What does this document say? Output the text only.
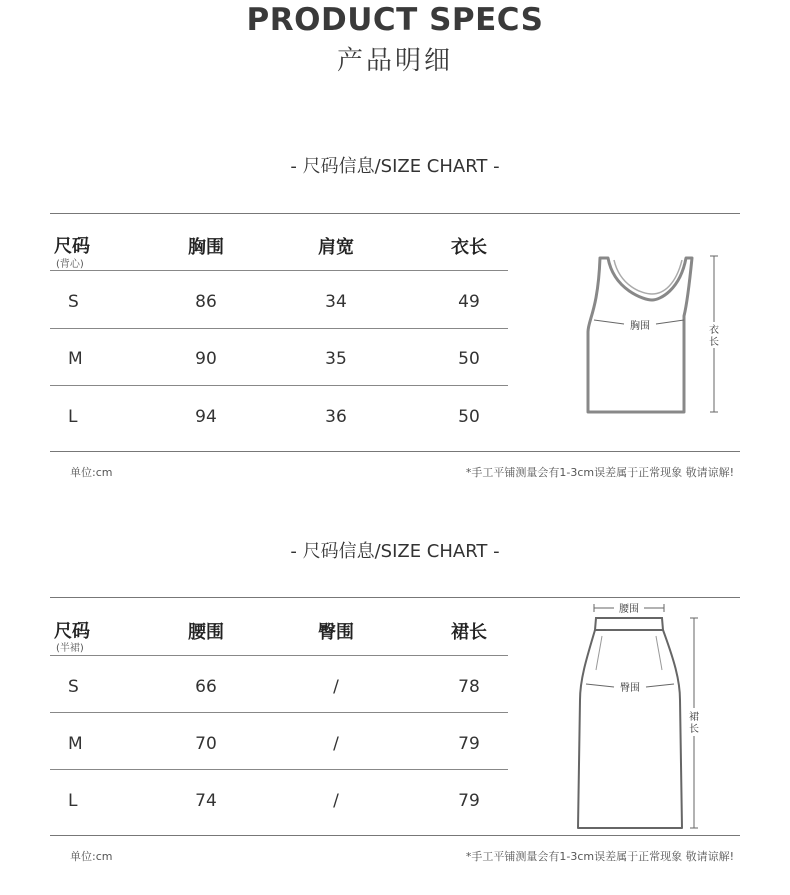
PRODUCT SPECS
产品明细
- 尺码信息/SIZE CHART -
尺码
(背心)
胸围	肩宽	衣长
S	86	34	49
M	90	35	50
L	94	36	50
单位:cm	*手工平铺测量会有1-3cm误差属于正常现象 敬请谅解!
胸围	衣
长
- 尺码信息/SIZE CHART -
尺码
(半裙)
腰围	臀围	裙长
S	66	/	78
M	70	/	79
L	74	/	79
单位:cm	*手工平铺测量会有1-3cm误差属于正常现象 敬请谅解!
腰围
臀围
裙
长
